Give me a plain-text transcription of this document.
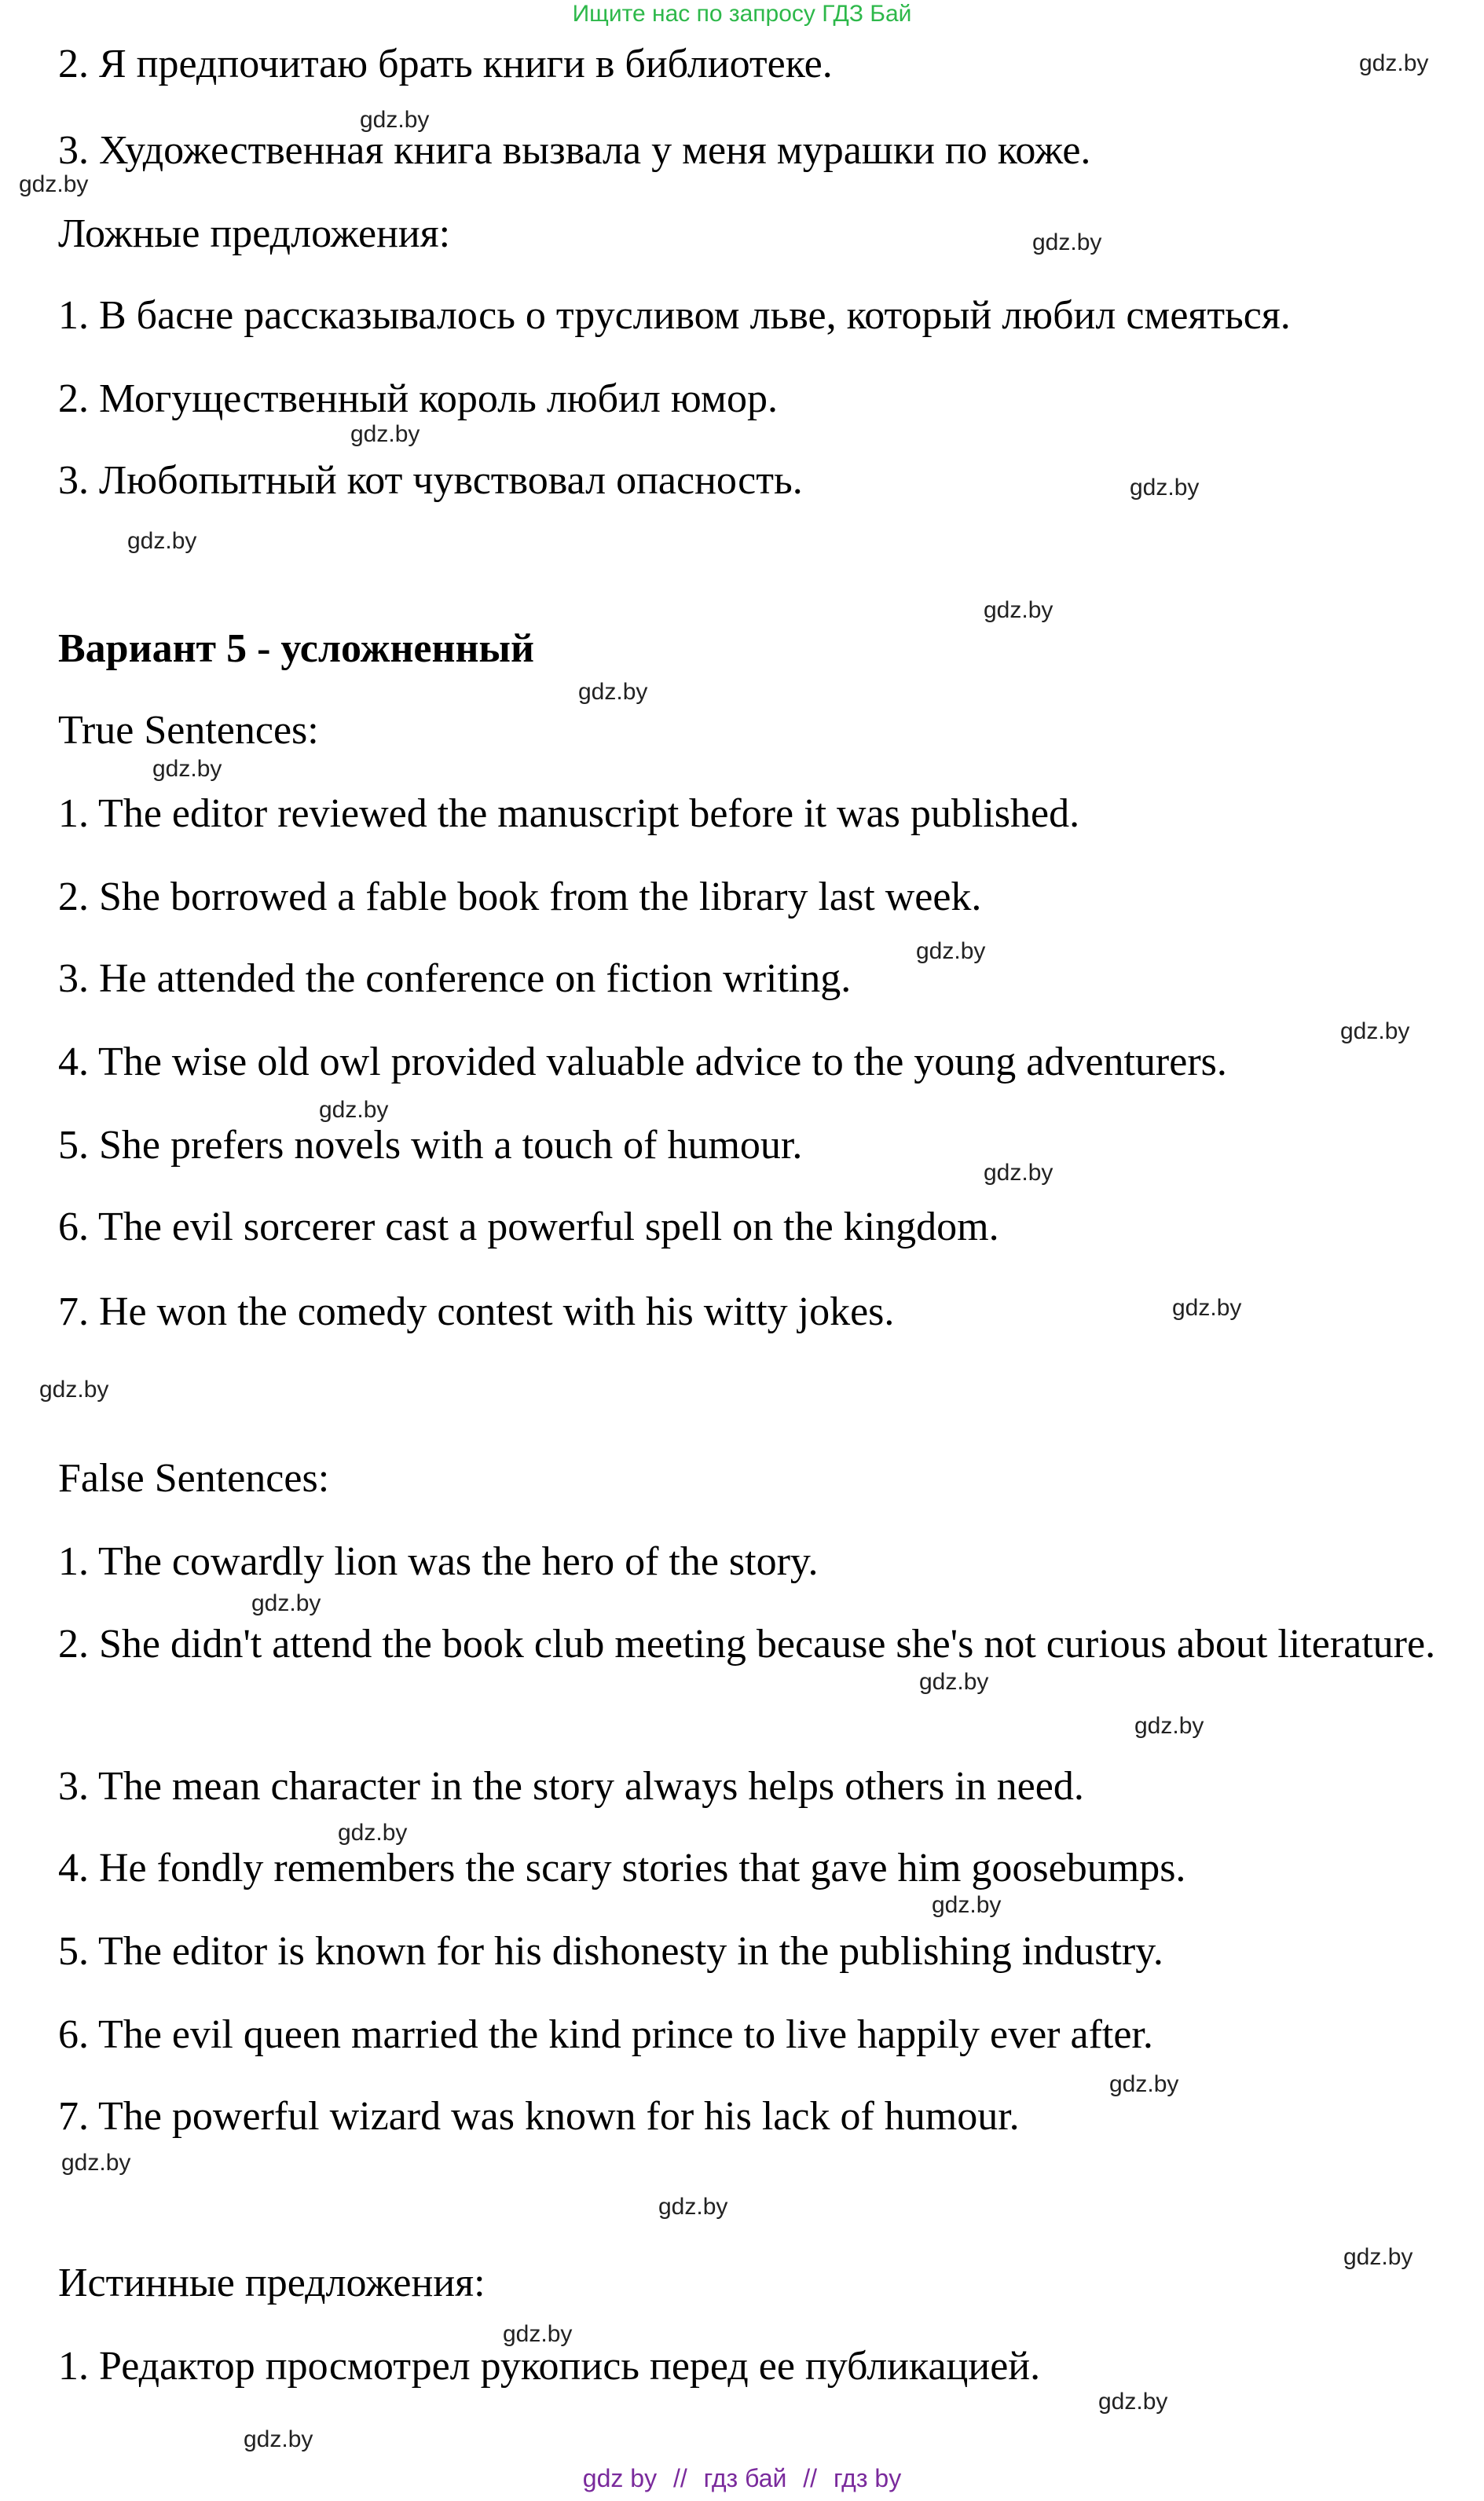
Ищите нас по запросу ГДЗ Бай
2. Я предпочитаю брать книги в библиотеке.
3. Художественная книга вызвала у меня мурашки по коже.
Ложные предложения:
1. В басне рассказывалось о трусливом льве, который любил смеяться.
2. Могущественный король любил юмор.
3. Любопытный кот чувствовал опасность.
Вариант 5 - усложненный
True Sentences:
1. The editor reviewed the manuscript before it was published.
2. She borrowed a fable book from the library last week.
3. He attended the conference on fiction writing.
4. The wise old owl provided valuable advice to the young adventurers.
5. She prefers novels with a touch of humour.
6. The evil sorcerer cast a powerful spell on the kingdom.
7. He won the comedy contest with his witty jokes.
False Sentences:
1. The cowardly lion was the hero of the story.
2. She didn't attend the book club meeting because she's not curious about literature.
3. The mean character in the story always helps others in need.
4. He fondly remembers the scary stories that gave him goosebumps.
5. The editor is known for his dishonesty in the publishing industry.
6. The evil queen married the kind prince to live happily ever after.
7. The powerful wizard was known for his lack of humour.
Истинные предложения:
1. Редактор просмотрел рукопись перед ее публикацией.
gdz.by
gdz.by
gdz.by
gdz.by
gdz.by
gdz.by
gdz.by
gdz.by
gdz.by
gdz.by
gdz.by
gdz.by
gdz.by
gdz.by
gdz.by
gdz.by
gdz.by
gdz.by
gdz.by
gdz.by
gdz.by
gdz.by
gdz.by
gdz.by
gdz.by
gdz.by
gdz.by
gdz.by
gdz by // гдз бай // гдз by
